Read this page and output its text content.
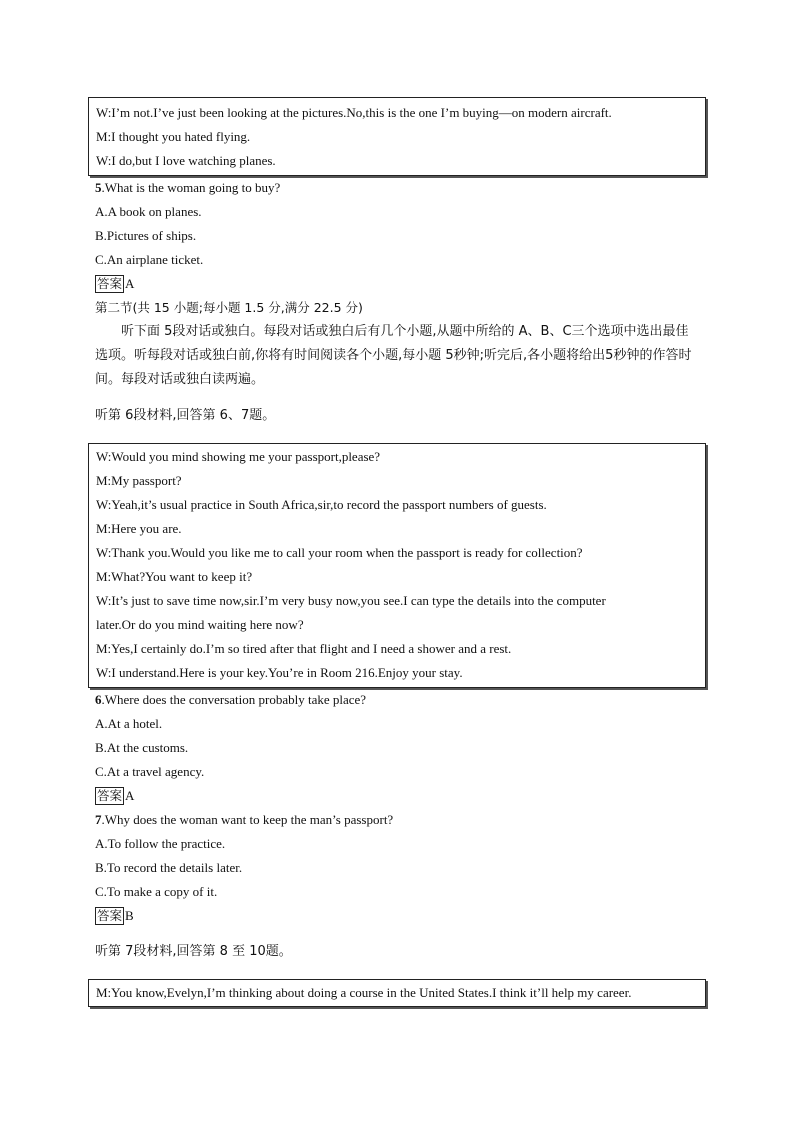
W:I’m not.I’ve just been looking at the pictures.No,this is the one I’m buying—on modern aircraft.
M:I thought you hated flying.
W:I do,but I love watching planes.
5.What is the woman going to buy?
A.A book on planes.
B.Pictures of ships.
C.An airplane ticket.
答案 A
第二节(共 15 小题;每小题 1.5 分,满分 22.5 分)
听下面 5段对话或独白。每段对话或独白后有几个小题,从题中所给的 A、B、C三个选项中选出最佳选项。听每段对话或独白前,你将有时间阅读各个小题,每小题 5秒钟;听完后,各小题将给出5秒钟的作答时间。每段对话或独白读两遍。
听第 6段材料,回答第 6、7题。
W:Would you mind showing me your passport,please?
M:My passport?
W:Yeah,it’s usual practice in South Africa,sir,to record the passport numbers of guests.
M:Here you are.
W:Thank you.Would you like me to call your room when the passport is ready for collection?
M:What?You want to keep it?
W:It’s just to save time now,sir.I’m very busy now,you see.I can type the details into the computer
later.Or do you mind waiting here now?
M:Yes,I certainly do.I’m so tired after that flight and I need a shower and a rest.
W:I understand.Here is your key.You’re in Room 216.Enjoy your stay.
6.Where does the conversation probably take place?
A.At a hotel.
B.At the customs.
C.At a travel agency.
答案 A
7.Why does the woman want to keep the man’s passport?
A.To follow the practice.
B.To record the details later.
C.To make a copy of it.
答案 B
听第 7段材料,回答第 8 至 10题。
M:You know,Evelyn,I’m thinking about doing a course in the United States.I think it’ll help my career.
